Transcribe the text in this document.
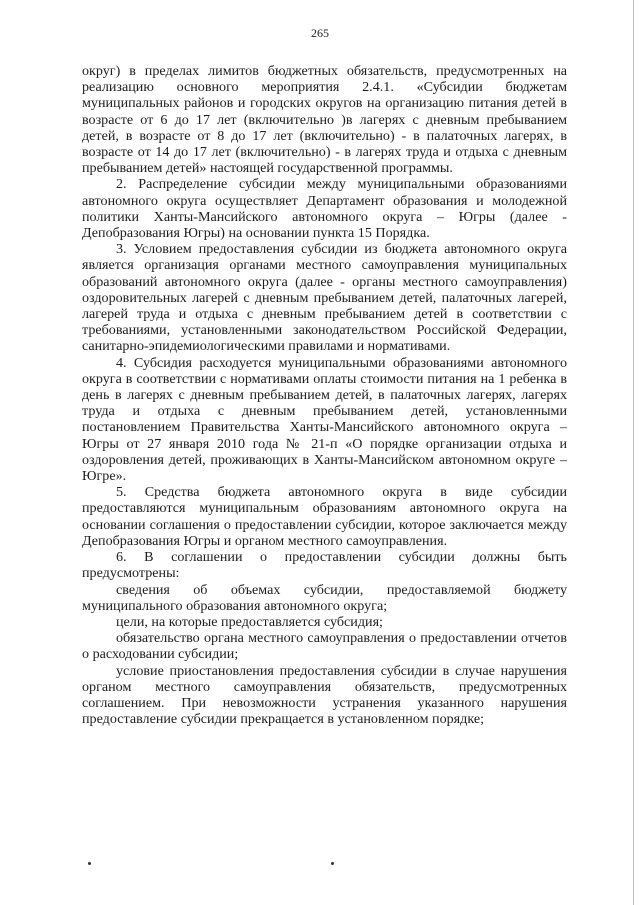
265

округ) в пределах лимитов бюджетных обязательств, предусмотренных на реализацию основного мероприятия 2.4.1. «Субсидии бюджетам муниципальных районов и городских округов на организацию питания детей в возрасте от 6 до 17 лет (включительно )в лагерях с дневным пребыванием детей, в возрасте от 8 до 17 лет (включительно) - в палаточных лагерях, в возрасте от 14 до 17 лет (включительно) - в лагерях труда и отдыха с дневным пребыванием детей» настоящей государственной программы.

2. Распределение субсидии между муниципальными образованиями автономного округа осуществляет Департамент образования и молодежной политики Ханты-Мансийского автономного округа – Югры (далее - Депобразования Югры) на основании пункта 15 Порядка.

3. Условием предоставления субсидии из бюджета автономного округа является организация органами местного самоуправления муниципальных образований автономного округа (далее - органы местного самоуправления) оздоровительных лагерей с дневным пребыванием детей, палаточных лагерей, лагерей труда и отдыха с дневным пребыванием детей в соответствии с требованиями, установленными законодательством Российской Федерации, санитарно-эпидемиологическими правилами и нормативами.

4. Субсидия расходуется муниципальными образованиями автономного округа в соответствии с нормативами оплаты стоимости питания на 1 ребенка в день в лагерях с дневным пребыванием детей, в палаточных лагерях, лагерях труда и отдыха с дневным пребыванием детей, установленными постановлением Правительства Ханты-Мансийского автономного округа – Югры от 27 января 2010 года № 21-п «О порядке организации отдыха и оздоровления детей, проживающих в Ханты-Мансийском автономном округе – Югре».

5. Средства бюджета автономного округа в виде субсидии предоставляются муниципальным образованиям автономного округа на основании соглашения о предоставлении субсидии, которое заключается между Депобразования Югры и органом местного самоуправления.

6. В соглашении о предоставлении субсидии должны быть предусмотрены:

сведения об объемах субсидии, предоставляемой бюджету муниципального образования автономного округа;

цели, на которые предоставляется субсидия;

обязательство органа местного самоуправления о предоставлении отчетов о расходовании субсидии;

условие приостановления предоставления субсидии в случае нарушения органом местного самоуправления обязательств, предусмотренных соглашением. При невозможности устранения указанного нарушения предоставление субсидии прекращается в установленном порядке;
